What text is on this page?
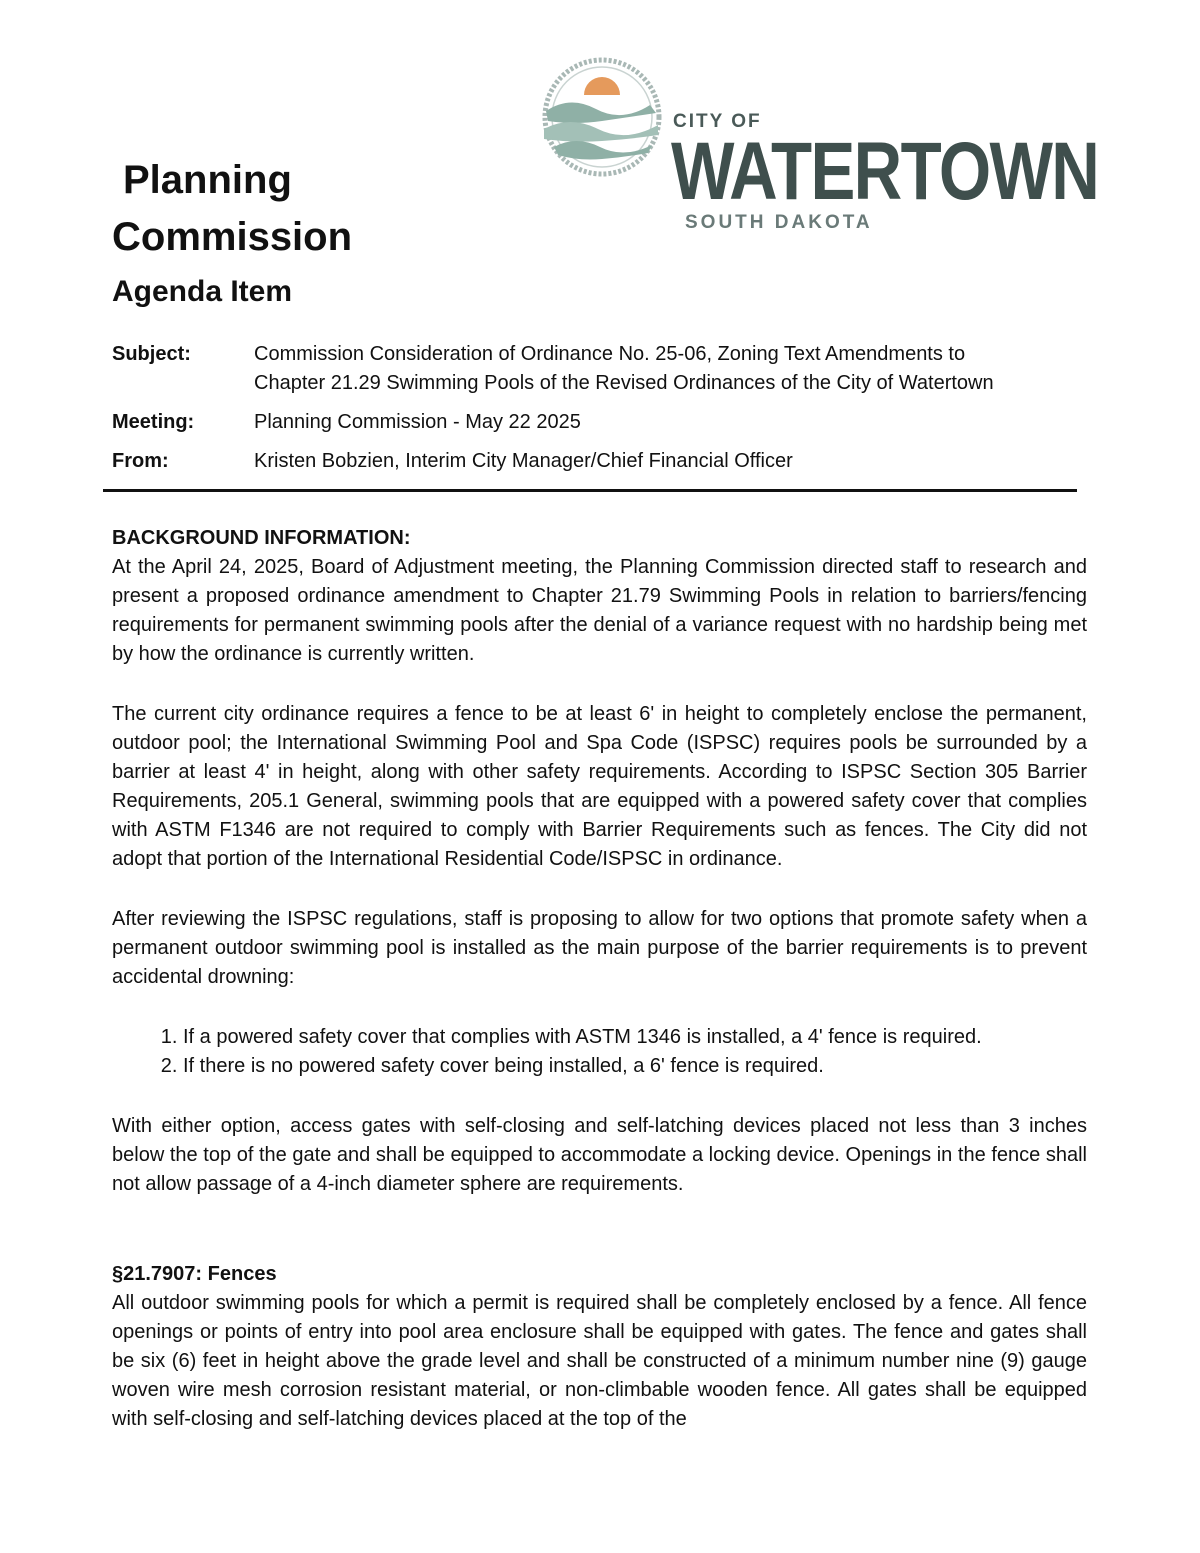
CITY OF
WATERTOWN
SOUTH DAKOTA
Planning
Commission
Agenda Item
Subject:	Commission Consideration of Ordinance No. 25-06, Zoning Text Amendments to
Chapter 21.29 Swimming Pools of the Revised Ordinances of the City of Watertown
Meeting:	Planning Commission - May 22 2025
From:	Kristen Bobzien, Interim City Manager/Chief Financial Officer
BACKGROUND INFORMATION:

At the April 24, 2025, Board of Adjustment meeting, the Planning Commission directed staff to research and present a proposed ordinance amendment to Chapter 21.79 Swimming Pools in relation to barriers/fencing requirements for permanent swimming pools after the denial of a variance request with no hardship being met by how the ordinance is currently written.

The current city ordinance requires a fence to be at least 6' in height to completely enclose the permanent, outdoor pool; the International Swimming Pool and Spa Code (ISPSC) requires pools be surrounded by a barrier at least 4' in height, along with other safety requirements. According to ISPSC Section 305 Barrier Requirements, 205.1 General, swimming pools that are equipped with a powered safety cover that complies with ASTM F1346 are not required to comply with Barrier Requirements such as fences. The City did not adopt that portion of the International Residential Code/ISPSC in ordinance.

After reviewing the ISPSC regulations, staff is proposing to allow for two options that promote safety when a permanent outdoor swimming pool is installed as the main purpose of the barrier requirements is to prevent accidental drowning:

1. If a powered safety cover that complies with ASTM 1346 is installed, a 4' fence is required.
2. If there is no powered safety cover being installed, a 6' fence is required.

With either option, access gates with self-closing and self-latching devices placed not less than 3 inches below the top of the gate and shall be equipped to accommodate a locking device. Openings in the fence shall not allow passage of a 4-inch diameter sphere are requirements.

§21.7907: Fences

All outdoor swimming pools for which a permit is required shall be completely enclosed by a fence. All fence openings or points of entry into pool area enclosure shall be equipped with gates. The fence and gates shall be six (6) feet in height above the grade level and shall be constructed of a minimum number nine (9) gauge woven wire mesh corrosion resistant material, or non-climbable wooden fence. All gates shall be equipped with self-closing and self-latching devices placed at the top of the
